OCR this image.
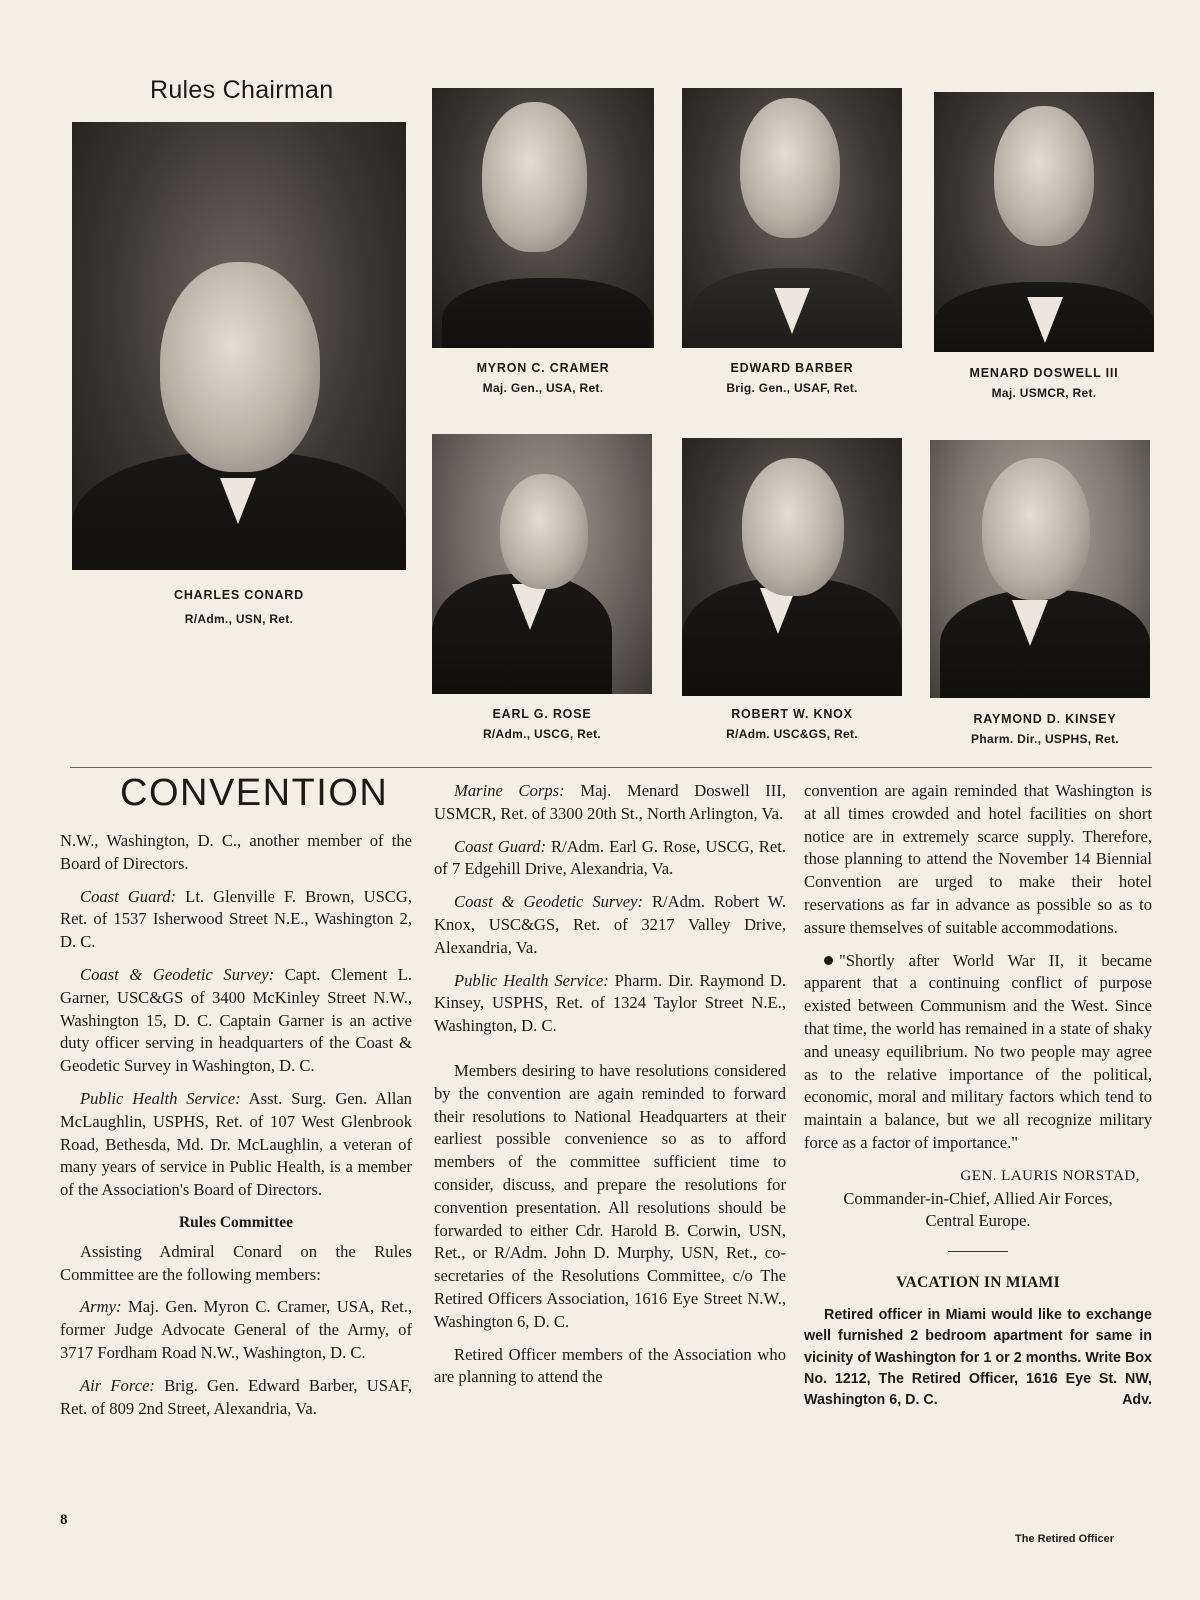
Rules Chairman
CHARLES CONARD
R/Adm., USN, Ret.
MYRON C. CRAMER
Maj. Gen., USA, Ret.
EDWARD BARBER
Brig. Gen., USAF, Ret.
MENARD DOSWELL III
Maj. USMCR, Ret.
EARL G. ROSE
R/Adm., USCG, Ret.
ROBERT W. KNOX
R/Adm. USC&GS, Ret.
RAYMOND D. KINSEY
Pharm. Dir., USPHS, Ret.
CONVENTION

N.W., Washington, D. C., another member of the Board of Directors.

Coast Guard: Lt. Glenville F. Brown, USCG, Ret. of 1537 Isherwood Street N.E., Washington 2, D. C.

Coast & Geodetic Survey: Capt. Clement L. Garner, USC&GS of 3400 McKinley Street N.W., Washington 15, D. C. Captain Garner is an active duty officer serving in headquarters of the Coast & Geodetic Survey in Washington, D. C.

Public Health Service: Asst. Surg. Gen. Allan McLaughlin, USPHS, Ret. of 107 West Glenbrook Road, Bethesda, Md. Dr. McLaughlin, a veteran of many years of service in Public Health, is a member of the Association's Board of Directors.

Rules Committee

Assisting Admiral Conard on the Rules Committee are the following members:

Army: Maj. Gen. Myron C. Cramer, USA, Ret., former Judge Advocate General of the Army, of 3717 Fordham Road N.W., Washington, D. C.

Air Force: Brig. Gen. Edward Barber, USAF, Ret. of 809 2nd Street, Alexandria, Va.

Marine Corps: Maj. Menard Doswell III, USMCR, Ret. of 3300 20th St., North Arlington, Va.

Coast Guard: R/Adm. Earl G. Rose, USCG, Ret. of 7 Edgehill Drive, Alexandria, Va.

Coast & Geodetic Survey: R/Adm. Robert W. Knox, USC&GS, Ret. of 3217 Valley Drive, Alexandria, Va.

Public Health Service: Pharm. Dir. Raymond D. Kinsey, USPHS, Ret. of 1324 Taylor Street N.E., Washington, D. C.

Members desiring to have resolutions considered by the convention are again reminded to forward their resolutions to National Headquarters at their earliest possible convenience so as to afford members of the committee sufficient time to consider, discuss, and prepare the resolutions for convention presentation. All resolutions should be forwarded to either Cdr. Harold B. Corwin, USN, Ret., or R/Adm. John D. Murphy, USN, Ret., co-secretaries of the Resolutions Committee, c/o The Retired Officers Association, 1616 Eye Street N.W., Washington 6, D. C.

Retired Officer members of the Association who are planning to attend the

convention are again reminded that Washington is at all times crowded and hotel facilities on short notice are in extremely scarce supply. Therefore, those planning to attend the November 14 Biennial Convention are urged to make their hotel reservations as far in advance as possible so as to assure themselves of suitable accommodations.

"Shortly after World War II, it became apparent that a continuing conflict of purpose existed between Communism and the West. Since that time, the world has remained in a state of shaky and uneasy equilibrium. No two people may agree as to the relative importance of the political, economic, moral and military factors which tend to maintain a balance, but we all recognize military force as a factor of importance."

GEN. LAURIS NORSTAD,

Commander-in-Chief, Allied Air Forces,

Central Europe.

VACATION IN MIAMI

Retired officer in Miami would like to exchange well furnished 2 bedroom apartment for same in vicinity of Washington for 1 or 2 months. Write Box No. 1212, The Retired Officer, 1616 Eye St. NW, Washington 6, D. C.	Adv.

8
The Retired Officer
